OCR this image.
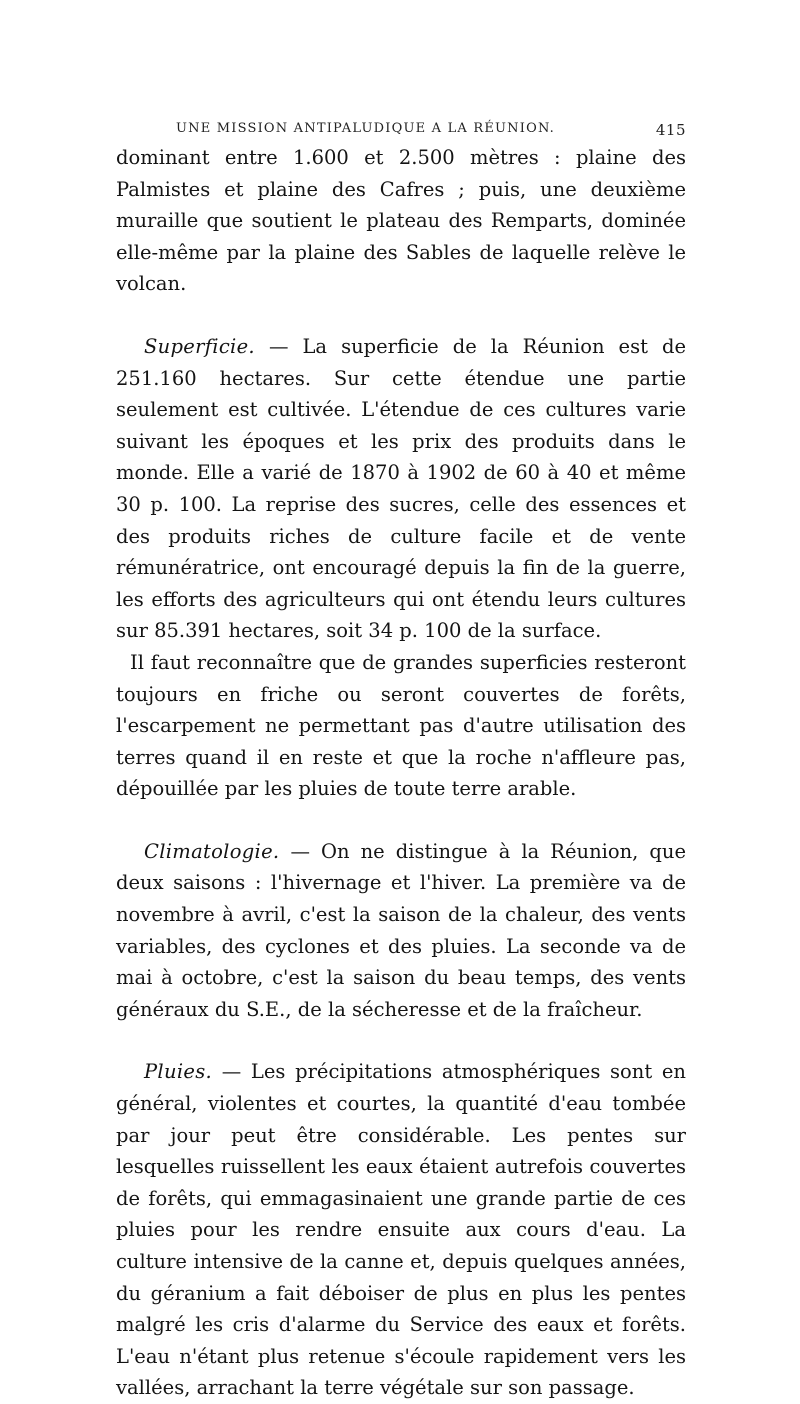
UNE MISSION ANTIPALUDIQUE A LA RÉUNION.	415

dominant entre 1.600 et 2.500 mètres : plaine des Palmistes et plaine des Cafres ; puis, une deuxième muraille que soutient le plateau des Remparts, dominée elle-même par la plaine des Sables de laquelle relève le volcan.

Superficie. — La superficie de la Réunion est de 251.160 hectares. Sur cette étendue une partie seulement est cultivée. L'étendue de ces cultures varie suivant les époques et les prix des produits dans le monde. Elle a varié de 1870 à 1902 de 60 à 40 et même 30 p. 100. La reprise des sucres, celle des essences et des produits riches de culture facile et de vente rémunératrice, ont encouragé depuis la fin de la guerre, les efforts des agriculteurs qui ont étendu leurs cultures sur 85.391 hectares, soit 34 p. 100 de la surface.

Il faut reconnaître que de grandes superficies resteront toujours en friche ou seront couvertes de forêts, l'escarpement ne permettant pas d'autre utilisation des terres quand il en reste et que la roche n'affleure pas, dépouillée par les pluies de toute terre arable.

Climatologie. — On ne distingue à la Réunion, que deux saisons : l'hivernage et l'hiver. La première va de novembre à avril, c'est la saison de la chaleur, des vents variables, des cyclones et des pluies. La seconde va de mai à octobre, c'est la saison du beau temps, des vents généraux du S.E., de la sécheresse et de la fraîcheur.

Pluies. — Les précipitations atmosphériques sont en général, violentes et courtes, la quantité d'eau tombée par jour peut être considérable. Les pentes sur lesquelles ruissellent les eaux étaient autrefois couvertes de forêts, qui emmagasinaient une grande partie de ces pluies pour les rendre ensuite aux cours d'eau. La culture intensive de la canne et, depuis quelques années, du géranium a fait déboiser de plus en plus les pentes malgré les cris d'alarme du Service des eaux et forêts. L'eau n'étant plus retenue s'écoule rapidement vers les vallées, arrachant la terre végétale sur son passage.
